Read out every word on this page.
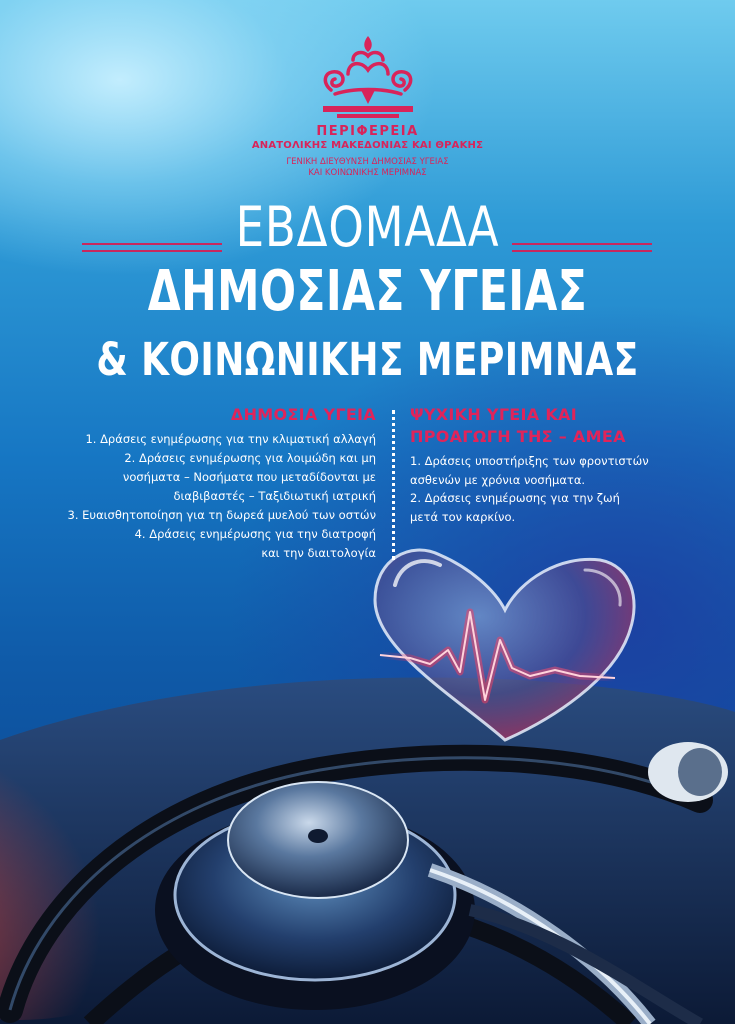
ΠΕΡΙΦΕΡΕΙΑ
ΑΝΑΤΟΛΙΚΗΣ ΜΑΚΕΔΟΝΙΑΣ ΚΑΙ ΘΡΑΚΗΣ
ΓΕΝΙΚΗ ΔΙΕΥΘΥΝΣΗ ΔΗΜΟΣΙΑΣ ΥΓΕΙΑΣ
ΚΑΙ ΚΟΙΝΩΝΙΚΗΣ ΜΕΡΙΜΝΑΣ
ΕΒΔΟΜΑΔΑ
ΔΗΜΟΣΙΑΣ ΥΓΕΙΑΣ
& ΚΟΙΝΩΝΙΚΗΣ ΜΕΡΙΜΝΑΣ
ΔΗΜΟΣΙΑ ΥΓΕΙΑ
1. Δράσεις ενημέρωσης για την κλιματική αλλαγή
2. Δράσεις ενημέρωσης για λοιμώδη και μη
νοσήματα – Νοσήματα που μεταδίδονται με
διαβιβαστές – Ταξιδιωτική ιατρική
3. Ευαισθητοποίηση για τη δωρεά μυελού των οστών
4. Δράσεις ενημέρωσης για την διατροφή
και την διαιτολογία
ΨΥΧΙΚΗ ΥΓΕΙΑ ΚΑΙ
ΠΡΟΑΓΩΓΗ ΤΗΣ – ΑΜΕΑ
1. Δράσεις υποστήριξης των φροντιστών
ασθενών με χρόνια νοσήματα.
2. Δράσεις ενημέρωσης για την ζωή
μετά τον καρκίνο.
